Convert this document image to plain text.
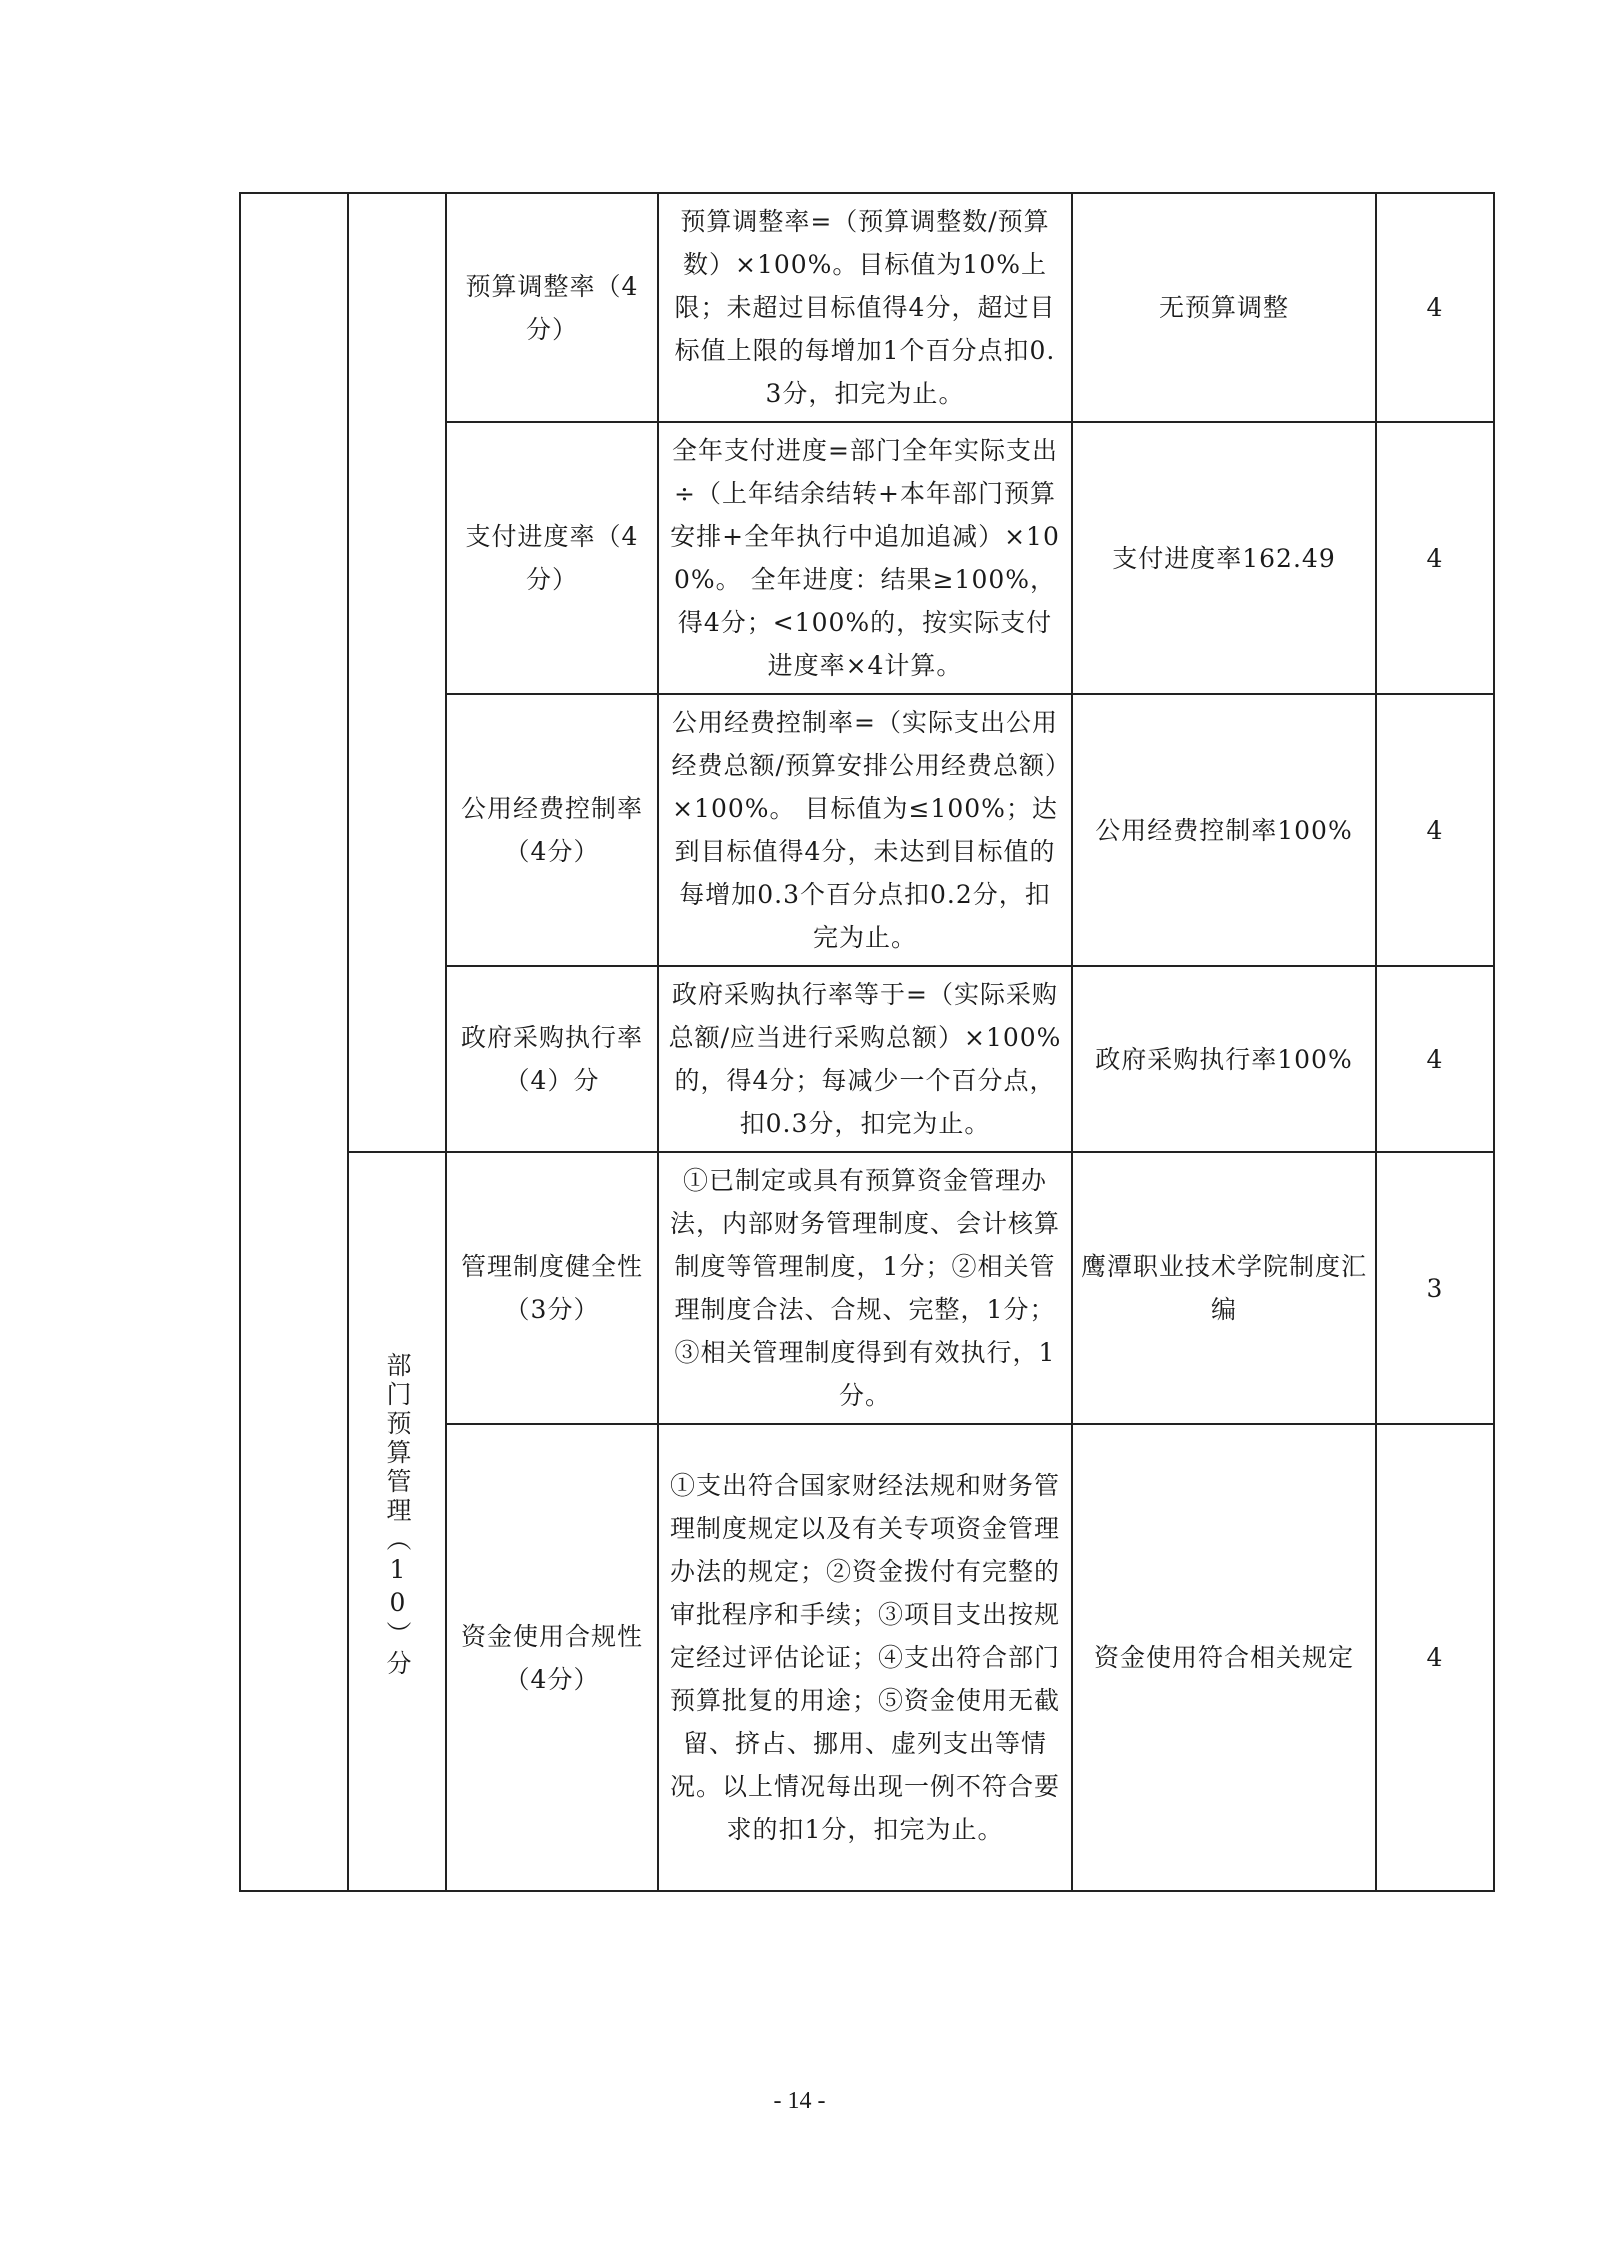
		预算调整率（4分）	预算调整率=（预算调整数/预算数）×100%。目标值为10%上限；未超过目标值得4分，超过目标值上限的每增加1个百分点扣0.3分，扣完为止。	无预算调整	4
		支付进度率（4分）	全年支付进度=部门全年实际支出÷（上年结余结转+本年部门预算安排+全年执行中追加追减）×100%。 全年进度：结果≥100%，得4分；<100%的，按实际支付进度率×4计算。	支付进度率162.49	4
		公用经费控制率（4分）	公用经费控制率=（实际支出公用经费总额/预算安排公用经费总额）×100%。 目标值为≤100%；达到目标值得4分，未达到目标值的每增加0.3个百分点扣0.2分，扣完为止。	公用经费控制率100%	4
		政府采购执行率（4）分	政府采购执行率等于=（实际采购总额/应当进行采购总额）×100%的，得4分；每减少一个百分点，扣0.3分，扣完为止。	政府采购执行率100%	4
	部门预算管理（10）分	管理制度健全性（3分）	①已制定或具有预算资金管理办法，内部财务管理制度、会计核算制度等管理制度，1分；②相关管理制度合法、合规、完整，1分；③相关管理制度得到有效执行，1分。	鹰潭职业技术学院制度汇编	3
		资金使用合规性（4分）	①支出符合国家财经法规和财务管理制度规定以及有关专项资金管理办法的规定；②资金拨付有完整的审批程序和手续；③项目支出按规定经过评估论证；④支出符合部门预算批复的用途；⑤资金使用无截留、挤占、挪用、虚列支出等情况。以上情况每出现一例不符合要求的扣1分，扣完为止。	资金使用符合相关规定	4
- 14 -
